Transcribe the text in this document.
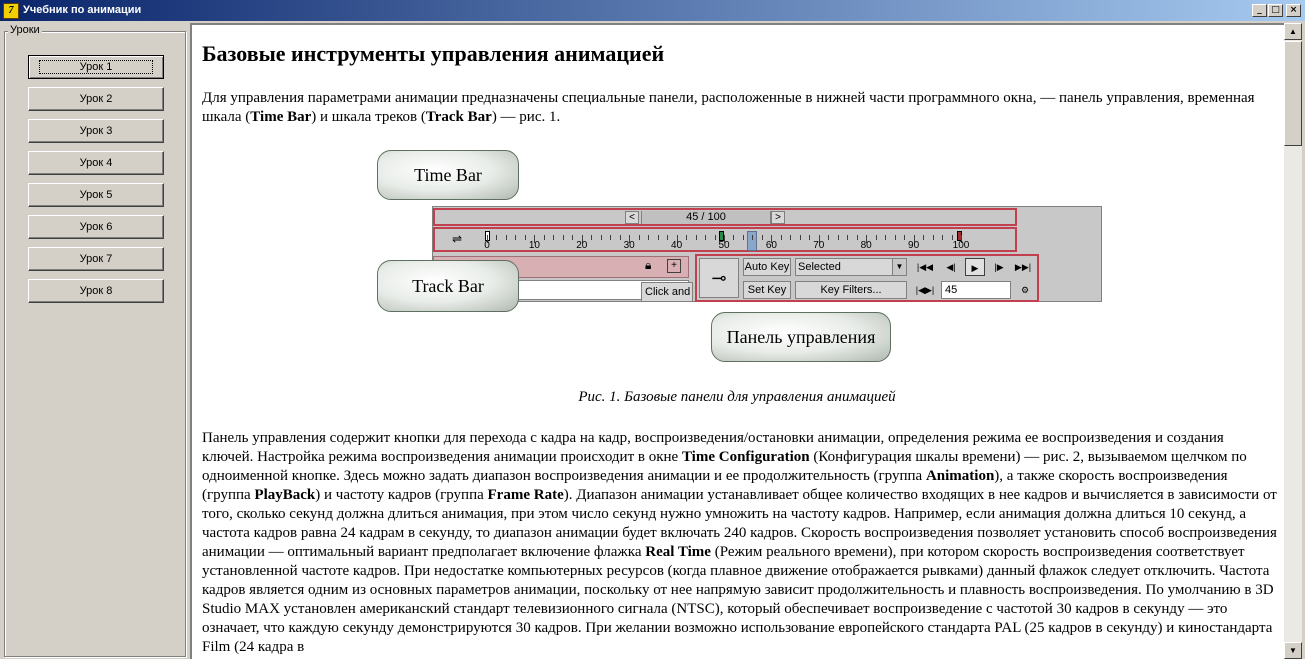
7 Учебник по анимации	_	□	×
Уроки
Урок 1
Урок 2
Урок 3
Урок 4
Урок 5
Урок 6
Урок 7
Урок 8
Базовые инструменты управления анимацией

Для управления параметрами анимации предназначены специальные панели, расположенные в нижней части программного окна, — панель управления, временная шкала (Time Bar) и шкала треков (Track Bar) — рис. 1.

<	45 / 100	>
⇌	0	10	20	30	40	50	60	70	80	90	100
🔒︎	+
Click and
⊸
Auto Key
Set Key
Selected	▼
Key Filters...
|◀◀	◀|	▶	|▶	▶▶|
|◀▶| 45	⚙
Time Bar
Track Bar
Панель управления
Рис. 1. Базовые панели для управления анимацией

Панель управления содержит кнопки для перехода с кадра на кадр, воспроизведения/остановки анимации, определения режима ее воспроизведения и создания ключей. Настройка режима воспроизведения анимации происходит в окне Time Configuration (Конфигурация шкалы времени) — рис. 2, вызываемом щелчком по одноименной кнопке. Здесь можно задать диапазон воспроизведения анимации и ее продолжительность (группа Animation), а также скорость воспроизведения (группа PlayBack) и частоту кадров (группа Frame Rate). Диапазон анимации устанавливает общее количество входящих в нее кадров и вычисляется в зависимости от того, сколько секунд должна длиться анимация, при этом число секунд нужно умножить на частоту кадров. Например, если анимация должна длиться 10 секунд, а частота кадров равна 24 кадрам в секунду, то диапазон анимации будет включать 240 кадров. Скорость воспроизведения позволяет установить способ воспроизведения анимации — оптимальный вариант предполагает включение флажка Real Time (Режим реального времени), при котором скорость воспроизведения соответствует установленной частоте кадров. При недостатке компьютерных ресурсов (когда плавное движение отображается рывками) данный флажок следует отключить. Частота кадров является одним из основных параметров анимации, поскольку от нее напрямую зависит продолжительность и плавность воспроизведения. По умолчанию в 3D Studio MAX установлен американский стандарт телевизионного сигнала (NTSC), который обеспечивает воспроизведение с частотой 30 кадров в секунду — это означает, что каждую секунду демонстрируются 30 кадров. При желании возможно использование европейского стандарта PAL (25 кадров в секунду) и киностандарта Film (24 кадра в

▲
▼
